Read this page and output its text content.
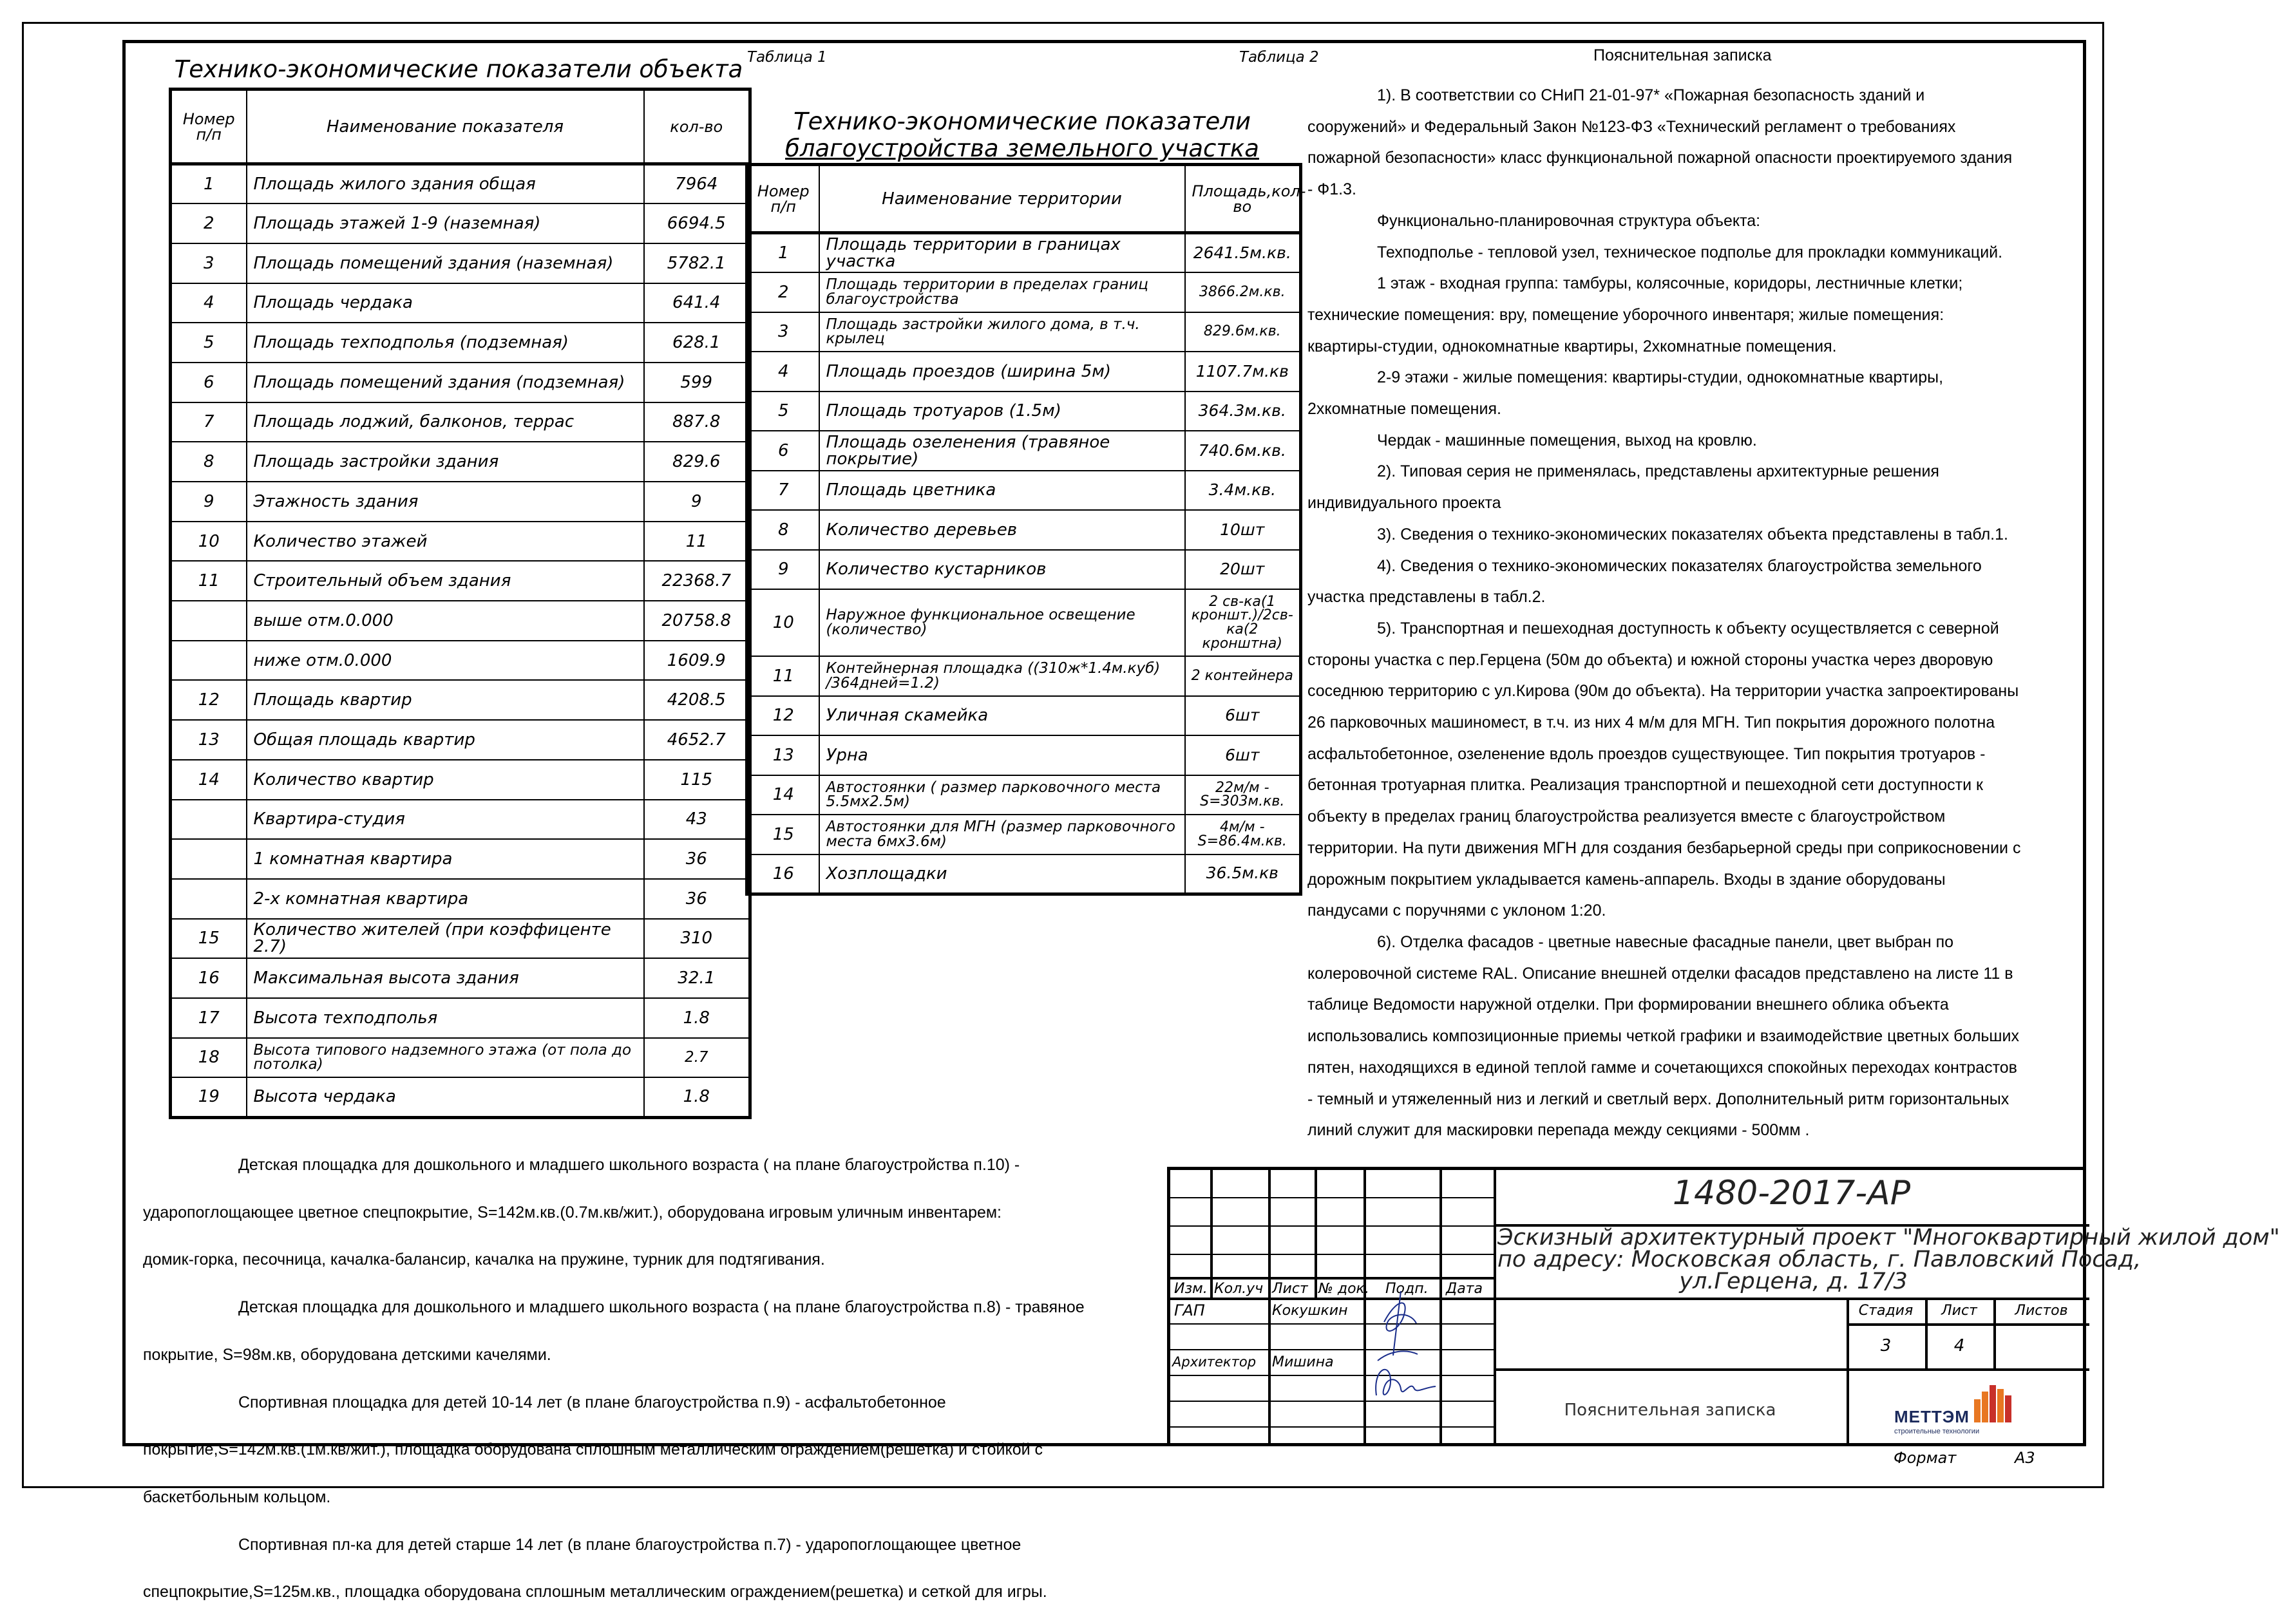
Таблица 1
Технико-экономические показатели объекта
Номер п/п	Наименование показателя	кол-во
1	Площадь жилого здания общая	7964
2	Площадь этажей 1-9 (наземная)	6694.5
3	Площадь помещений здания (наземная)	5782.1
4	Площадь чердака	641.4
5	Площадь техподполья (подземная)	628.1
6	Площадь помещений здания (подземная)	599
7	Площадь лоджий, балконов, террас	887.8
8	Площадь застройки здания	829.6
9	Этажность здания	9
10	Количество этажей	11
11	Строительный объем здания	22368.7
	выше отм.0.000	20758.8
	ниже отм.0.000	1609.9
12	Площадь квартир	4208.5
13	Общая площадь квартир	4652.7
14	Количество квартир	115
	Квартира-студия	43
	1 комнатная квартира	36
	2-х комнатная квартира	36
15	Количество жителей (при коэффиценте 2.7)	310
16	Максимальная высота здания	32.1
17	Высота техподполья	1.8
18	Высота типового надземного этажа (от пола до потолка)	2.7
19	Высота чердака	1.8
Таблица 2
Технико-экономические показатели
благоустройства земельного участка
Номер п/п	Наименование территории	Площадь,кол-во
1	Площадь территории в границах участка	2641.5м.кв.
2	Площадь территории в пределах границ благоустройства	3866.2м.кв.
3	Площадь застройки жилого дома, в т.ч. крылец	829.6м.кв.
4	Площадь проездов (ширина 5м)	1107.7м.кв
5	Площадь тротуаров (1.5м)	364.3м.кв.
6	Площадь озеленения (травяное покрытие)	740.6м.кв.
7	Площадь цветника	3.4м.кв.
8	Количество деревьев	10шт
9	Количество кустарников	20шт
10	Наружное функциональное освещение (количество)	2 св-ка(1 кроншт.)/2св-ка(2 кронштна)
11	Контейнерная площадка ((310ж*1.4м.куб) /364дней=1.2)	2 контейнера
12	Уличная скамейка	6шт
13	Урна	6шт
14	Автостоянки ( размер парковочного места 5.5мх2.5м)	22м/м - S=303м.кв.
15	Автостоянки для МГН (размер парковочного места 6мх3.6м)	4м/м - S=86.4м.кв.
16	Хозплощадки	36.5м.кв
Пояснительная записка

1). В соответствии со СНиП 21-01-97* «Пожарная безопасность зданий и

сооружений» и Федеральный Закон №123-ФЗ «Технический регламент о требованиях

пожарной безопасности» класс функциональной пожарной опасности проектируемого здания

- Ф1.3.

Функционально-планировочная структура объекта:

Техподполье - тепловой узел, техническое подполье для прокладки коммуникаций.

1 этаж - входная группа: тамбуры, колясочные, коридоры, лестничные клетки;

технические помещения: вру, помещение уборочного инвентаря; жилые помещения:

квартиры-студии, однокомнатные квартиры, 2хкомнатные помещения.

2-9 этажи - жилые помещения: квартиры-студии, однокомнатные квартиры,

2хкомнатные помещения.

Чердак - машинные помещения, выход на кровлю.

2). Типовая серия не применялась, представлены архитектурные решения

индивидуального проекта

3). Сведения о технико-экономических показателях объекта представлены в табл.1.

4). Сведения о технико-экономических показателях благоустройства земельного

участка представлены в табл.2.

5). Транспортная и пешеходная доступность к объекту осуществляется с северной

стороны участка с пер.Герцена (50м до объекта) и южной стороны участка через дворовую

соседнюю территорию с ул.Кирова (90м до объекта). На территории участка запроектированы

26 парковочных машиномест, в т.ч. из них 4 м/м для МГН. Тип покрытия дорожного полотна

асфальтобетонное, озеленение вдоль проездов существующее. Тип покрытия тротуаров -

бетонная тротуарная плитка. Реализация транспортной и пешеходной сети доступности к

объекту в пределах границ благоустройства реализуется вместе с благоустройством

территории. На пути движения МГН для создания безбарьерной среды при соприкосновении с

дорожным покрытием укладывается камень-аппарель. Входы в здание оборудованы

пандусами с поручнями с уклоном 1:20.

6). Отделка фасадов - цветные навесные фасадные панели, цвет выбран по

колеровочной системе RAL. Описание внешней отделки фасадов представлено на листе 11 в

таблице Ведомости наружной отделки. При формировании внешнего облика объекта

использовались композиционные приемы четкой графики и взаимодействие цветных больших

пятен, находящихся в единой теплой гамме и сочетающихся спокойных переходах контрастов

- темный и утяжеленный низ и легкий и светлый верх. Дополнительный ритм горизонтальных

линий служит для маскировки перепада между секциями - 500мм .

Детская площадка для дошкольного и младшего школьного возраста ( на плане благоустройства п.10) -

ударопоглощающее цветное спецпокрытие, S=142м.кв.(0.7м.кв/жит.), оборудована игровым уличным инвентарем:

домик-горка, песочница, качалка-балансир, качалка на пружине, турник для подтягивания.

Детская площадка для дошкольного и младшего школьного возраста ( на плане благоустройства п.8) - травяное

покрытие, S=98м.кв, оборудована детскими качелями.

Спортивная площадка для детей 10-14 лет (в плане благоустройства п.9) - асфальтобетонное

покрытие,S=142м.кв.(1м.кв/жит.), площадка оборудована сплошным металлическим ограждением(решетка) и стойкой с

баскетбольным кольцом.

Спортивная пл-ка для детей старше 14 лет (в плане благоустройства п.7) - ударопоглощающее цветное

спецпокрытие,S=125м.кв., площадка оборудована сплошным металлическим ограждением(решетка) и сеткой для игры.

Изм. Кол.уч Лист № док. Подп. Дата
ГАП	Кокушкин
Архитектор Мишина
1480-2017-АР
Эскизный архитектурный проект "Многоквартирный жилой дом"
по адресу: Московская область, г. Павловский Посад,
ул.Герцена, д. 17/3
Стадия	Лист	Листов
3	4
Пояснительная записка	МЕТТЭМ
строительные технологии
Формат	А3
